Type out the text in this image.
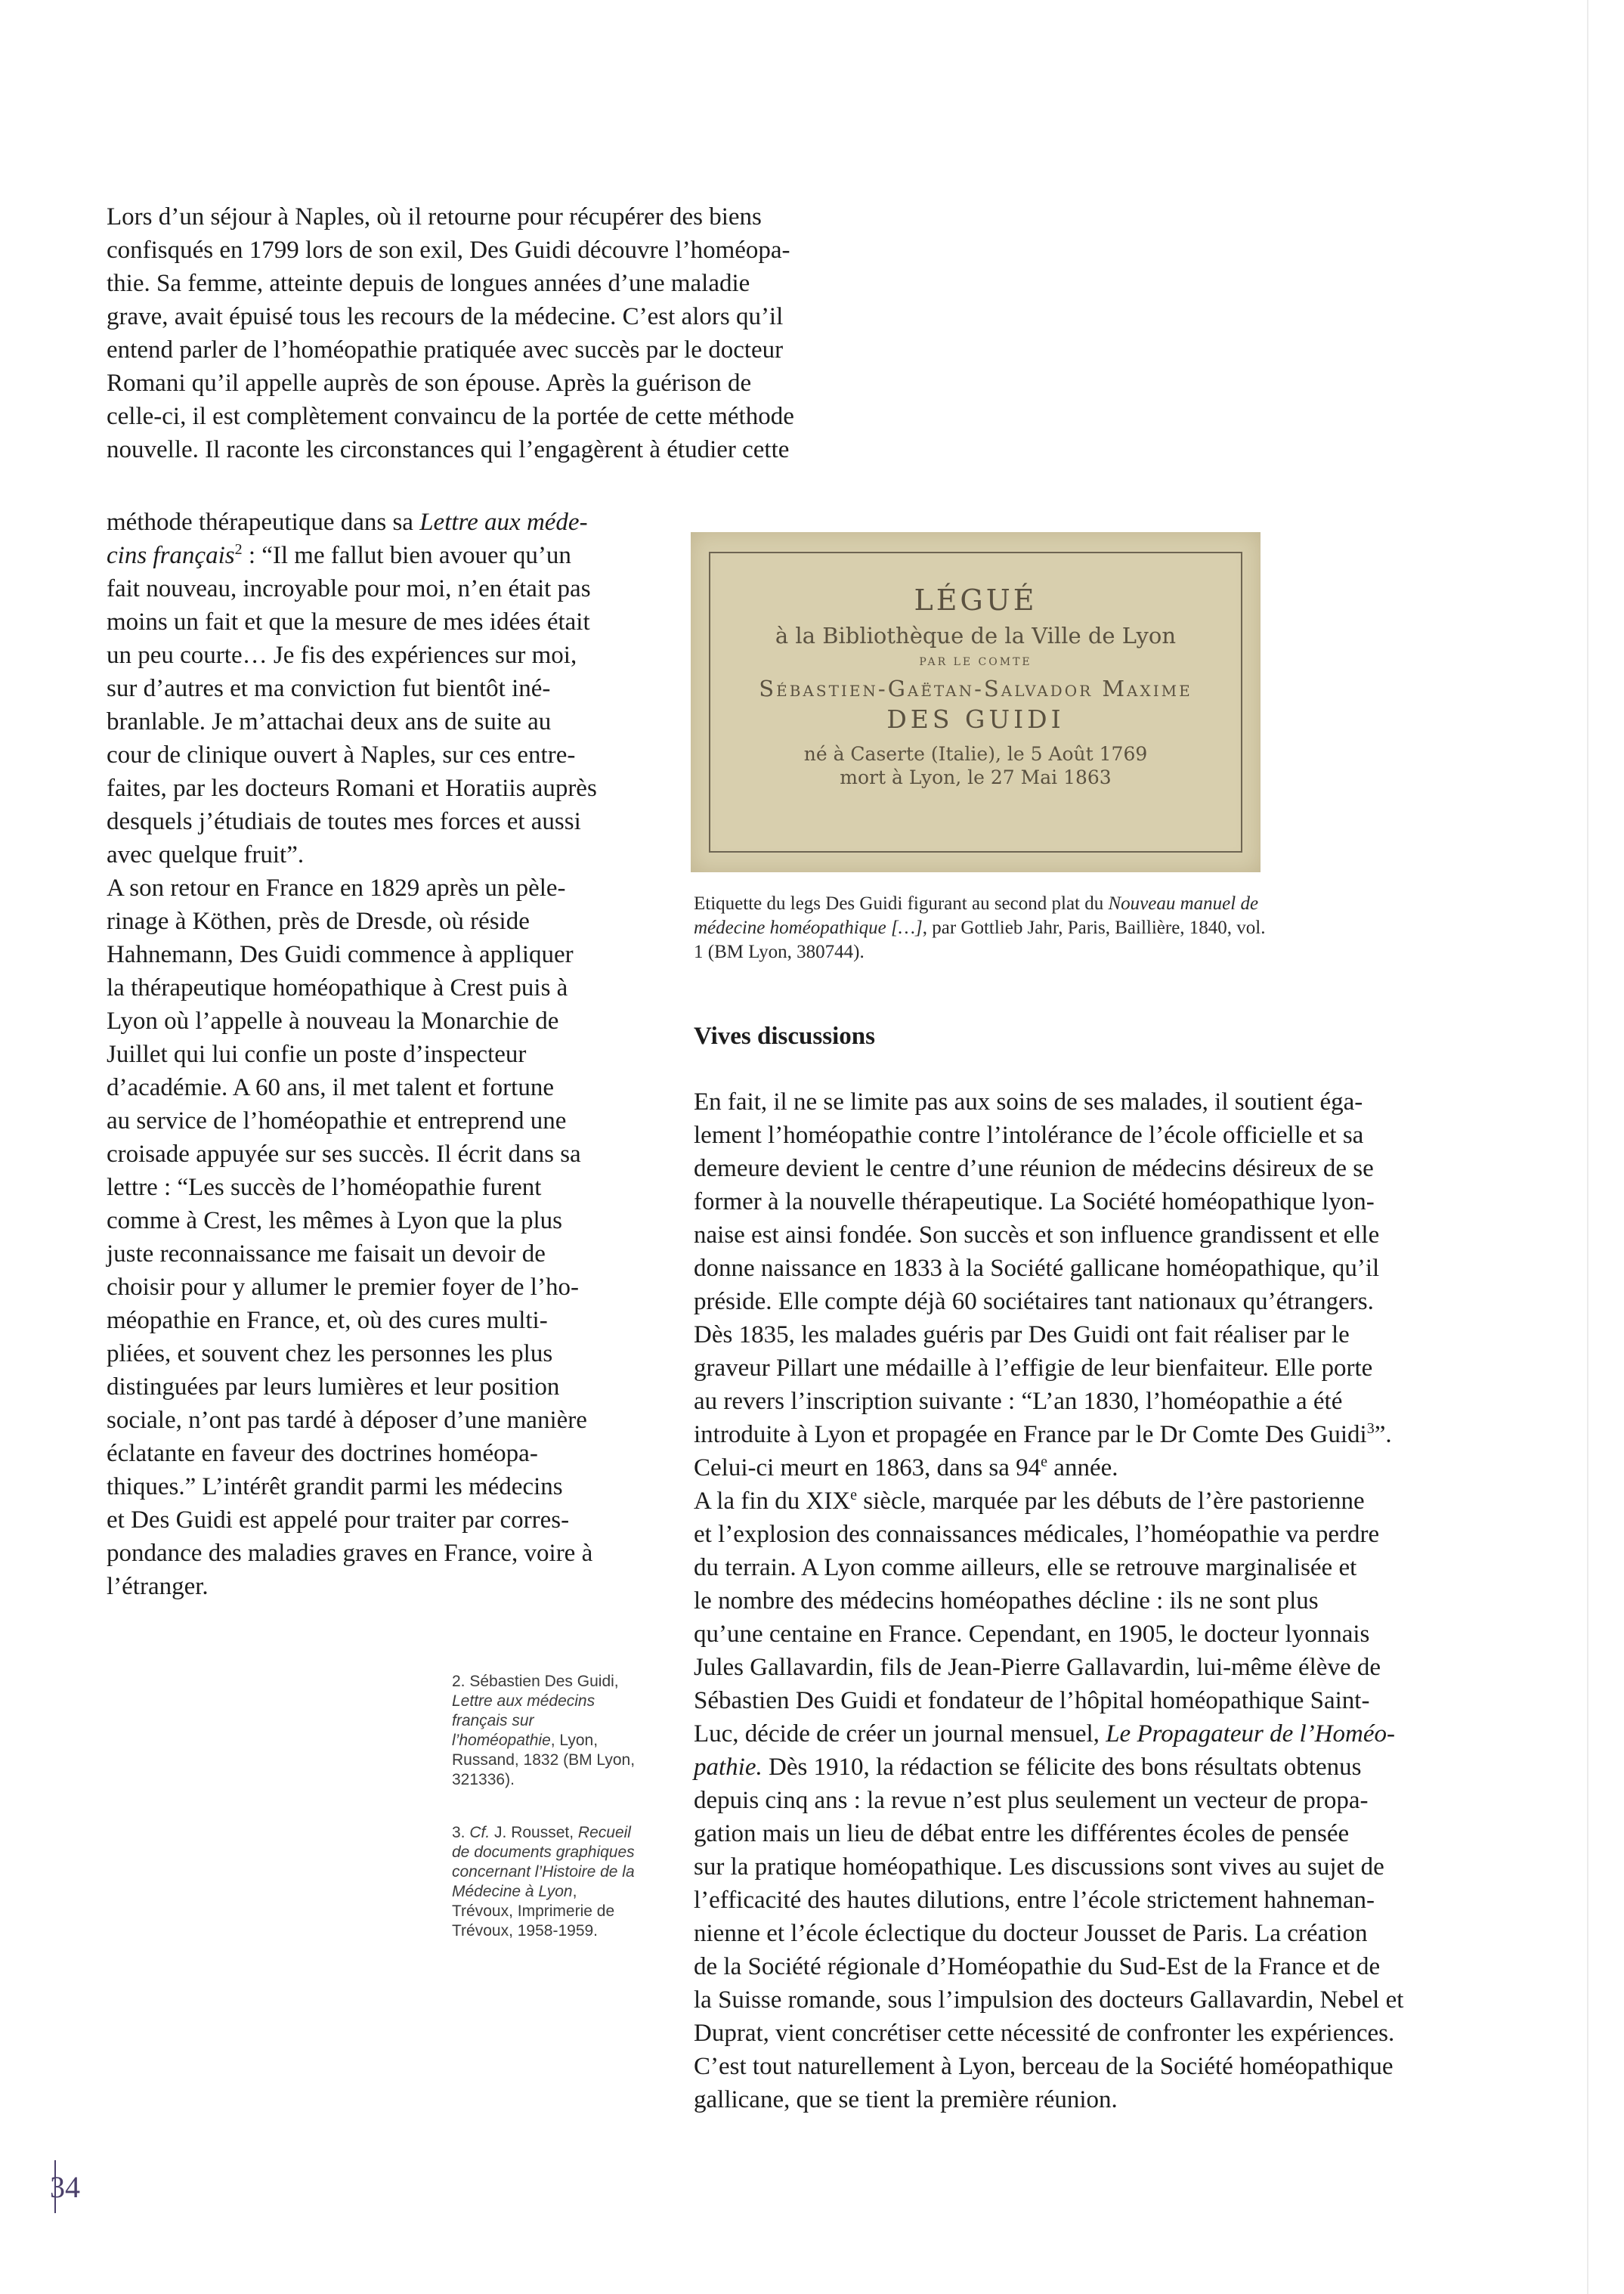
Lors d’un séjour à Naples, où il retourne pour récupérer des biens
confisqués en 1799 lors de son exil, Des Guidi découvre l’homéopa-
thie. Sa femme, atteinte depuis de longues années d’une maladie
grave, avait épuisé tous les recours de la médecine. C’est alors qu’il
entend parler de l’homéopathie pratiquée avec succès par le docteur
Romani qu’il appelle auprès de son épouse. Après la guérison de
celle-ci, il est complètement convaincu de la portée de cette méthode
nouvelle. Il raconte les circonstances qui l’engagèrent à étudier cette
méthode thérapeutique dans sa Lettre aux méde-
cins français$^2$ : “Il me fallut bien avouer qu’un
fait nouveau, incroyable pour moi, n’en était pas
moins un fait et que la mesure de mes idées était
un peu courte… Je fis des expériences sur moi,
sur d’autres et ma conviction fut bientôt iné-
branlable. Je m’attachai deux ans de suite au
cour de clinique ouvert à Naples, sur ces entre-
faites, par les docteurs Romani et Horatiis auprès
desquels j’étudiais de toutes mes forces et aussi
avec quelque fruit”.
A son retour en France en 1829 après un pèle-
rinage à Köthen, près de Dresde, où réside
Hahnemann, Des Guidi commence à appliquer
la thérapeutique homéopathique à Crest puis à
Lyon où l’appelle à nouveau la Monarchie de
Juillet qui lui confie un poste d’inspecteur
d’académie. A 60 ans, il met talent et fortune
au service de l’homéopathie et entreprend une
croisade appuyée sur ses succès. Il écrit dans sa
lettre : “Les succès de l’homéopathie furent
comme à Crest, les mêmes à Lyon que la plus
juste reconnaissance me faisait un devoir de
choisir pour y allumer le premier foyer de l’ho-
méopathie en France, et, où des cures multi-
pliées, et souvent chez les personnes les plus
distinguées par leurs lumières et leur position
sociale, n’ont pas tardé à déposer d’une manière
éclatante en faveur des doctrines homéopa-
thiques.” L’intérêt grandit parmi les médecins
et Des Guidi est appelé pour traiter par corres-
pondance des maladies graves en France, voire à
l’étranger.
LÉGUÉ
à la Bibliothèque de la Ville de Lyon
PAR LE COMTE
Sébastien-Gaëtan-Salvador Maxime
DES GUIDI
né à Caserte (Italie), le 5 Août 1769
mort à Lyon, le 27 Mai 1863
Etiquette du legs Des Guidi figurant au second plat du Nouveau manuel de médecine homéopathique […], par Gottlieb Jahr, Paris, Baillière, 1840, vol. 1 (BM Lyon, 380744).
Vives discussions
En fait, il ne se limite pas aux soins de ses malades, il soutient éga-
lement l’homéopathie contre l’intolérance de l’école officielle et sa
demeure devient le centre d’une réunion de médecins désireux de se
former à la nouvelle thérapeutique. La Société homéopathique lyon-
naise est ainsi fondée. Son succès et son influence grandissent et elle
donne naissance en 1833 à la Société gallicane homéopathique, qu’il
préside. Elle compte déjà 60 sociétaires tant nationaux qu’étrangers.
Dès 1835, les malades guéris par Des Guidi ont fait réaliser par le
graveur Pillart une médaille à l’effigie de leur bienfaiteur. Elle porte
au revers l’inscription suivante : “L’an 1830, l’homéopathie a été
introduite à Lyon et propagée en France par le Dr Comte Des Guidi$^3$”.
Celui-ci meurt en 1863, dans sa 94e année.
A la fin du XIXe siècle, marquée par les débuts de l’ère pastorienne
et l’explosion des connaissances médicales, l’homéopathie va perdre
du terrain. A Lyon comme ailleurs, elle se retrouve marginalisée et
le nombre des médecins homéopathes décline : ils ne sont plus
qu’une centaine en France. Cependant, en 1905, le docteur lyonnais
Jules Gallavardin, fils de Jean-Pierre Gallavardin, lui-même élève de
Sébastien Des Guidi et fondateur de l’hôpital homéopathique Saint-
Luc, décide de créer un journal mensuel, Le Propagateur de l’Homéo-
pathie. Dès 1910, la rédaction se félicite des bons résultats obtenus
depuis cinq ans : la revue n’est plus seulement un vecteur de propa-
gation mais un lieu de débat entre les différentes écoles de pensée
sur la pratique homéopathique. Les discussions sont vives au sujet de
l’efficacité des hautes dilutions, entre l’école strictement hahneman-
nienne et l’école éclectique du docteur Jousset de Paris. La création
de la Société régionale d’Homéopathie du Sud-Est de la France et de
la Suisse romande, sous l’impulsion des docteurs Gallavardin, Nebel et
Duprat, vient concrétiser cette nécessité de confronter les expériences.
C’est tout naturellement à Lyon, berceau de la Société homéopathique
gallicane, que se tient la première réunion.
2. Sébastien Des Guidi, Lettre aux médecins français sur l’homéopathie, Lyon, Russand, 1832 (BM Lyon, 321336).
3. Cf. J. Rousset, Recueil de documents graphiques concernant l’Histoire de la Médecine à Lyon, Trévoux, Imprimerie de Trévoux, 1958-1959.
34
